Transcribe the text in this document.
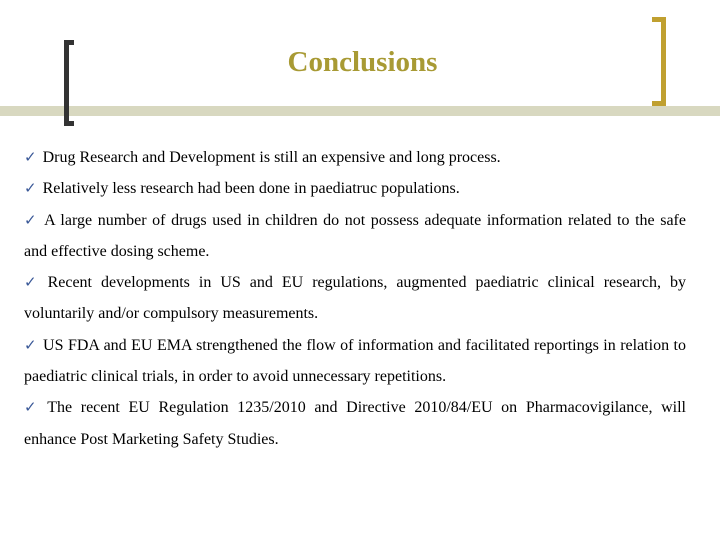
Conclusions

✓ Drug Research and Development is still an expensive and long process.

✓ Relatively less research had been done in paediatruc populations.

✓ A large number of drugs used in children do not possess adequate information related to the safe and effective dosing scheme.

✓ Recent developments in US and EU regulations, augmented paediatric clinical research, by voluntarily and/or compulsory measurements.

✓ US FDA and EU EMA strengthened the flow of information and facilitated reportings in relation to paediatric clinical trials, in order to avoid unnecessary repetitions.

✓ The recent EU Regulation 1235/2010 and Directive 2010/84/EU on Pharmacovigilance, will enhance Post Marketing Safety Studies.
